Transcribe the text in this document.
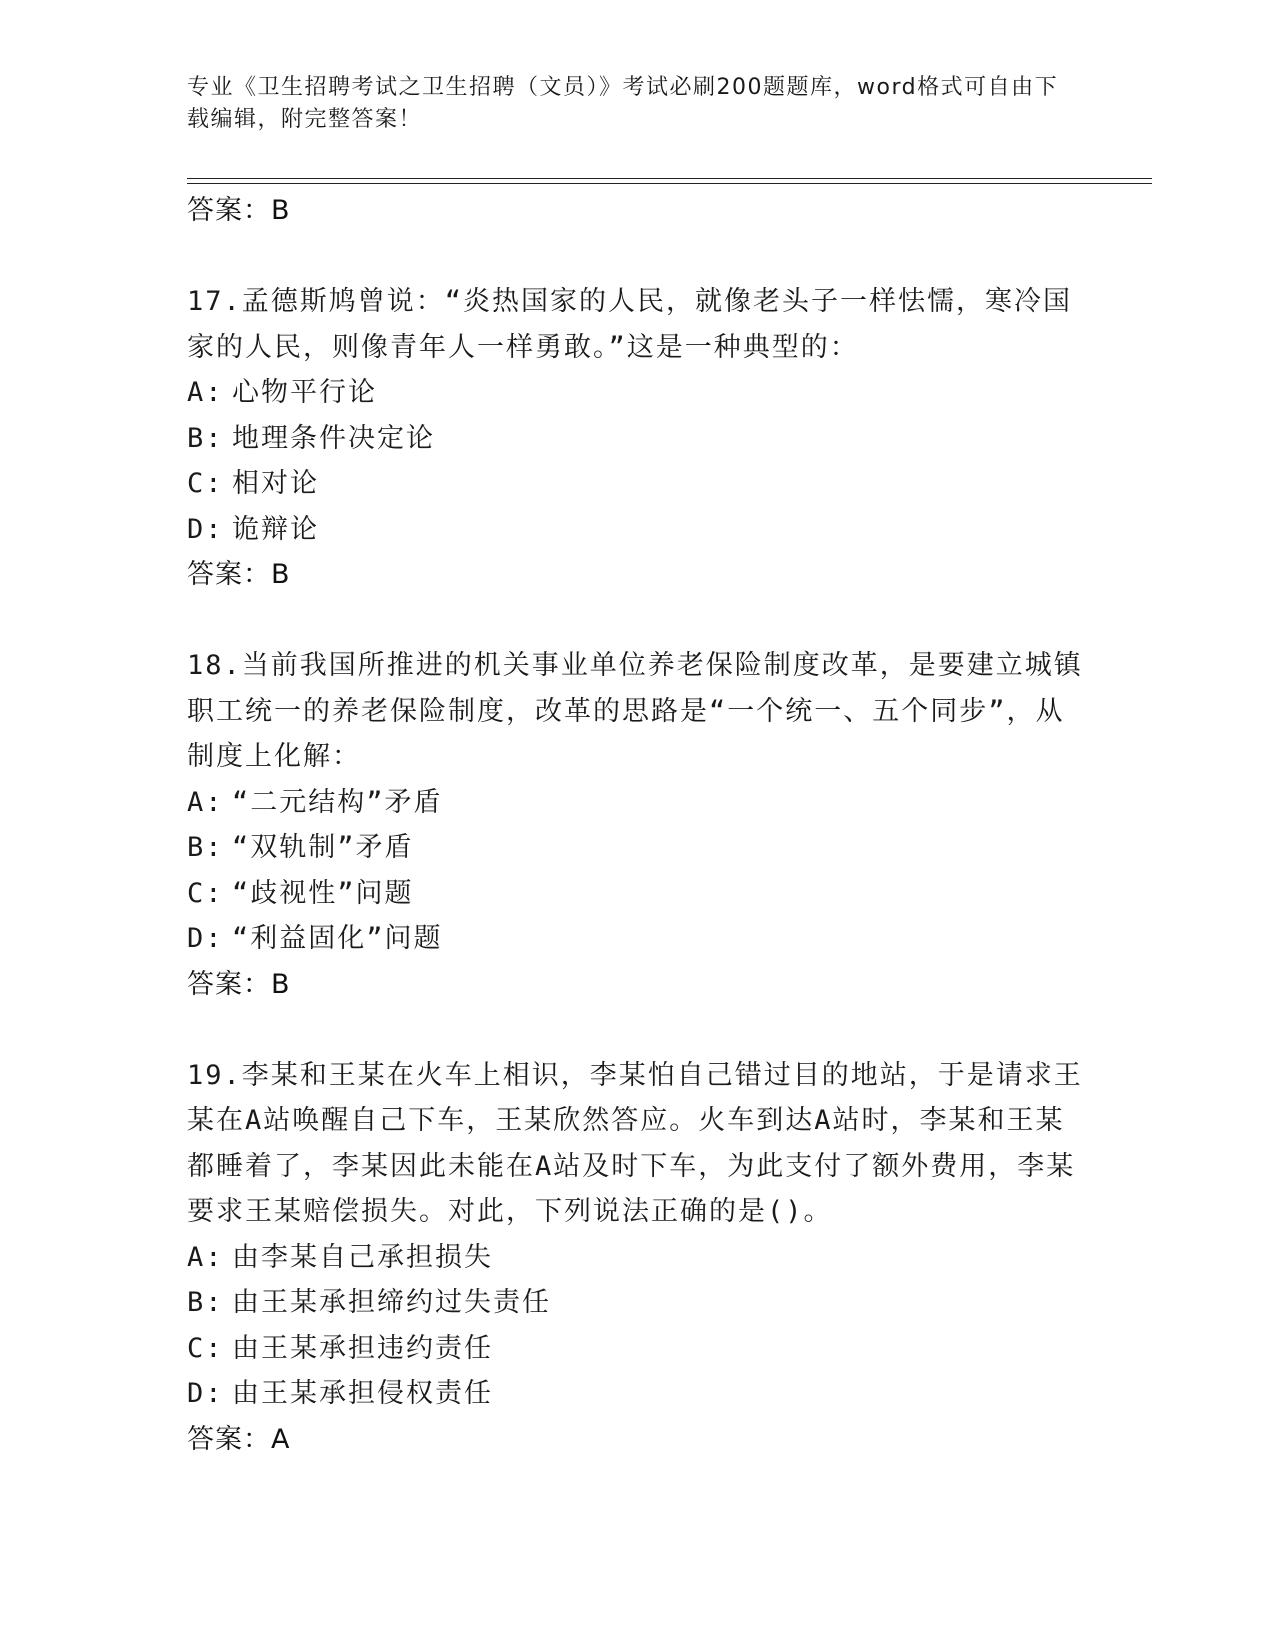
专业《卫生招聘考试之卫生招聘（文员）》考试必刷200题题库，word格式可自由下载编辑，附完整答案！
答案：B
17.孟德斯鸠曾说：“炎热国家的人民，就像老头子一样怯懦，寒冷国家的人民，则像青年人一样勇敢。”这是一种典型的：
A: 心物平行论
B: 地理条件决定论
C: 相对论
D: 诡辩论
答案：B
18.当前我国所推进的机关事业单位养老保险制度改革，是要建立城镇职工统一的养老保险制度，改革的思路是“一个统一、五个同步”，从制度上化解：
A: “二元结构”矛盾
B: “双轨制”矛盾
C: “歧视性”问题
D: “利益固化”问题
答案：B
19.李某和王某在火车上相识，李某怕自己错过目的地站，于是请求王某在A站唤醒自己下车，王某欣然答应。火车到达A站时，李某和王某都睡着了，李某因此未能在A站及时下车，为此支付了额外费用，李某要求王某赔偿损失。对此，下列说法正确的是()。
A: 由李某自己承担损失
B: 由王某承担缔约过失责任
C: 由王某承担违约责任
D: 由王某承担侵权责任
答案：A
